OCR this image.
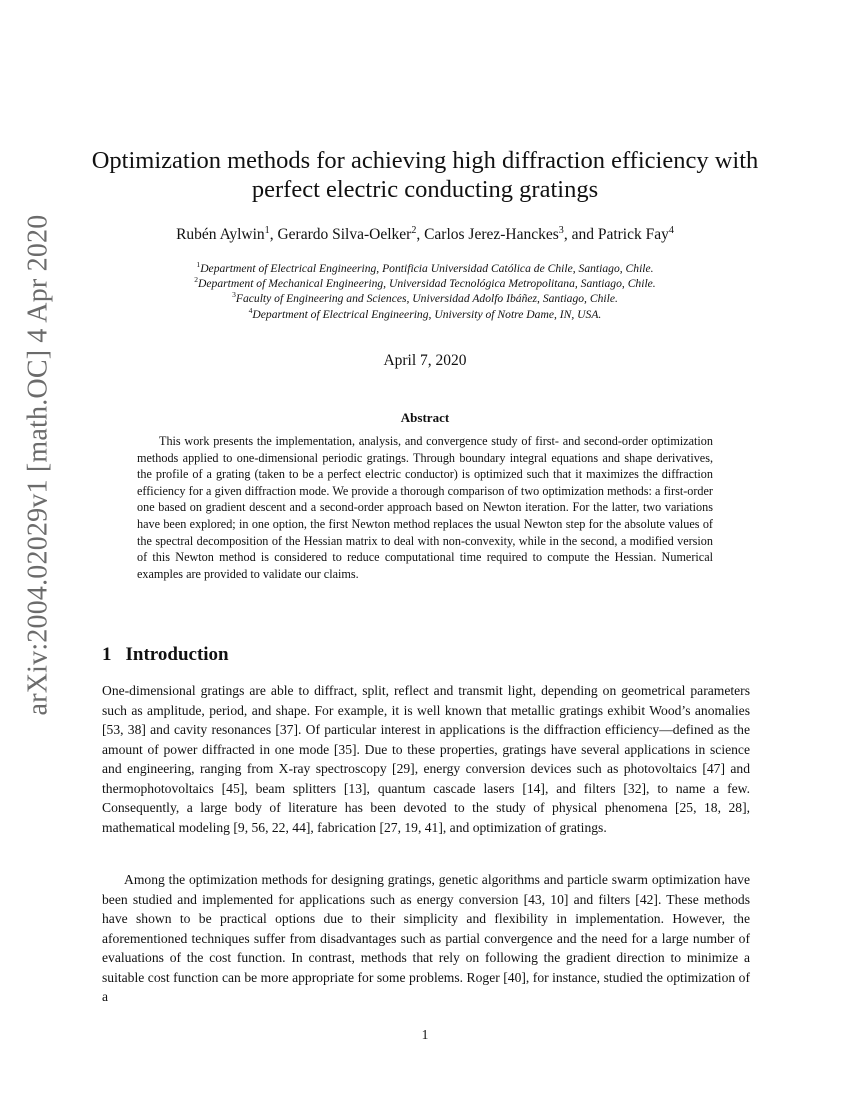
arXiv:2004.02029v1 [math.OC] 4 Apr 2020
Optimization methods for achieving high diffraction efficiency with
perfect electric conducting gratings
Rubén Aylwin$^1$, Gerardo Silva-Oelker$^2$, Carlos Jerez-Hanckes$^3$, and Patrick Fay$^4$
$^1$Department of Electrical Engineering, Pontificia Universidad Católica de Chile, Santiago, Chile.
$^2$Department of Mechanical Engineering, Universidad Tecnológica Metropolitana, Santiago, Chile.
$^3$Faculty of Engineering and Sciences, Universidad Adolfo Ibáñez, Santiago, Chile.
$^4$Department of Electrical Engineering, University of Notre Dame, IN, USA.
April 7, 2020
Abstract

This work presents the implementation, analysis, and convergence study of first- and second-order optimization methods applied to one-dimensional periodic gratings. Through boundary integral equations and shape derivatives, the profile of a grating (taken to be a perfect electric conductor) is optimized such that it maximizes the diffraction efficiency for a given diffraction mode. We provide a thorough comparison of two optimization methods: a first-order one based on gradient descent and a second-order approach based on Newton iteration. For the latter, two variations have been explored; in one option, the first Newton method replaces the usual Newton step for the absolute values of the spectral decomposition of the Hessian matrix to deal with non-convexity, while in the second, a modified version of this Newton method is considered to reduce computational time required to compute the Hessian. Numerical examples are provided to validate our claims.

1 Introduction

One-dimensional gratings are able to diffract, split, reflect and transmit light, depending on geometrical parameters such as amplitude, period, and shape. For example, it is well known that metallic gratings exhibit Wood’s anomalies [53, 38] and cavity resonances [37]. Of particular interest in applications is the diffraction efficiency—defined as the amount of power diffracted in one mode [35]. Due to these properties, gratings have several applications in science and engineering, ranging from X-ray spectroscopy [29], energy conversion devices such as photovoltaics [47] and thermophotovoltaics [45], beam splitters [13], quantum cascade lasers [14], and filters [32], to name a few. Consequently, a large body of literature has been devoted to the study of physical phenomena [25, 18, 28], mathematical modeling [9, 56, 22, 44], fabrication [27, 19, 41], and optimization of gratings.

Among the optimization methods for designing gratings, genetic algorithms and particle swarm optimization have been studied and implemented for applications such as energy conversion [43, 10] and filters [42]. These methods have shown to be practical options due to their simplicity and flexibility in implementation. However, the aforementioned techniques suffer from disadvantages such as partial convergence and the need for a large number of evaluations of the cost function. In contrast, methods that rely on following the gradient direction to minimize a suitable cost function can be more appropriate for some problems. Roger [40], for instance, studied the optimization of a

1
